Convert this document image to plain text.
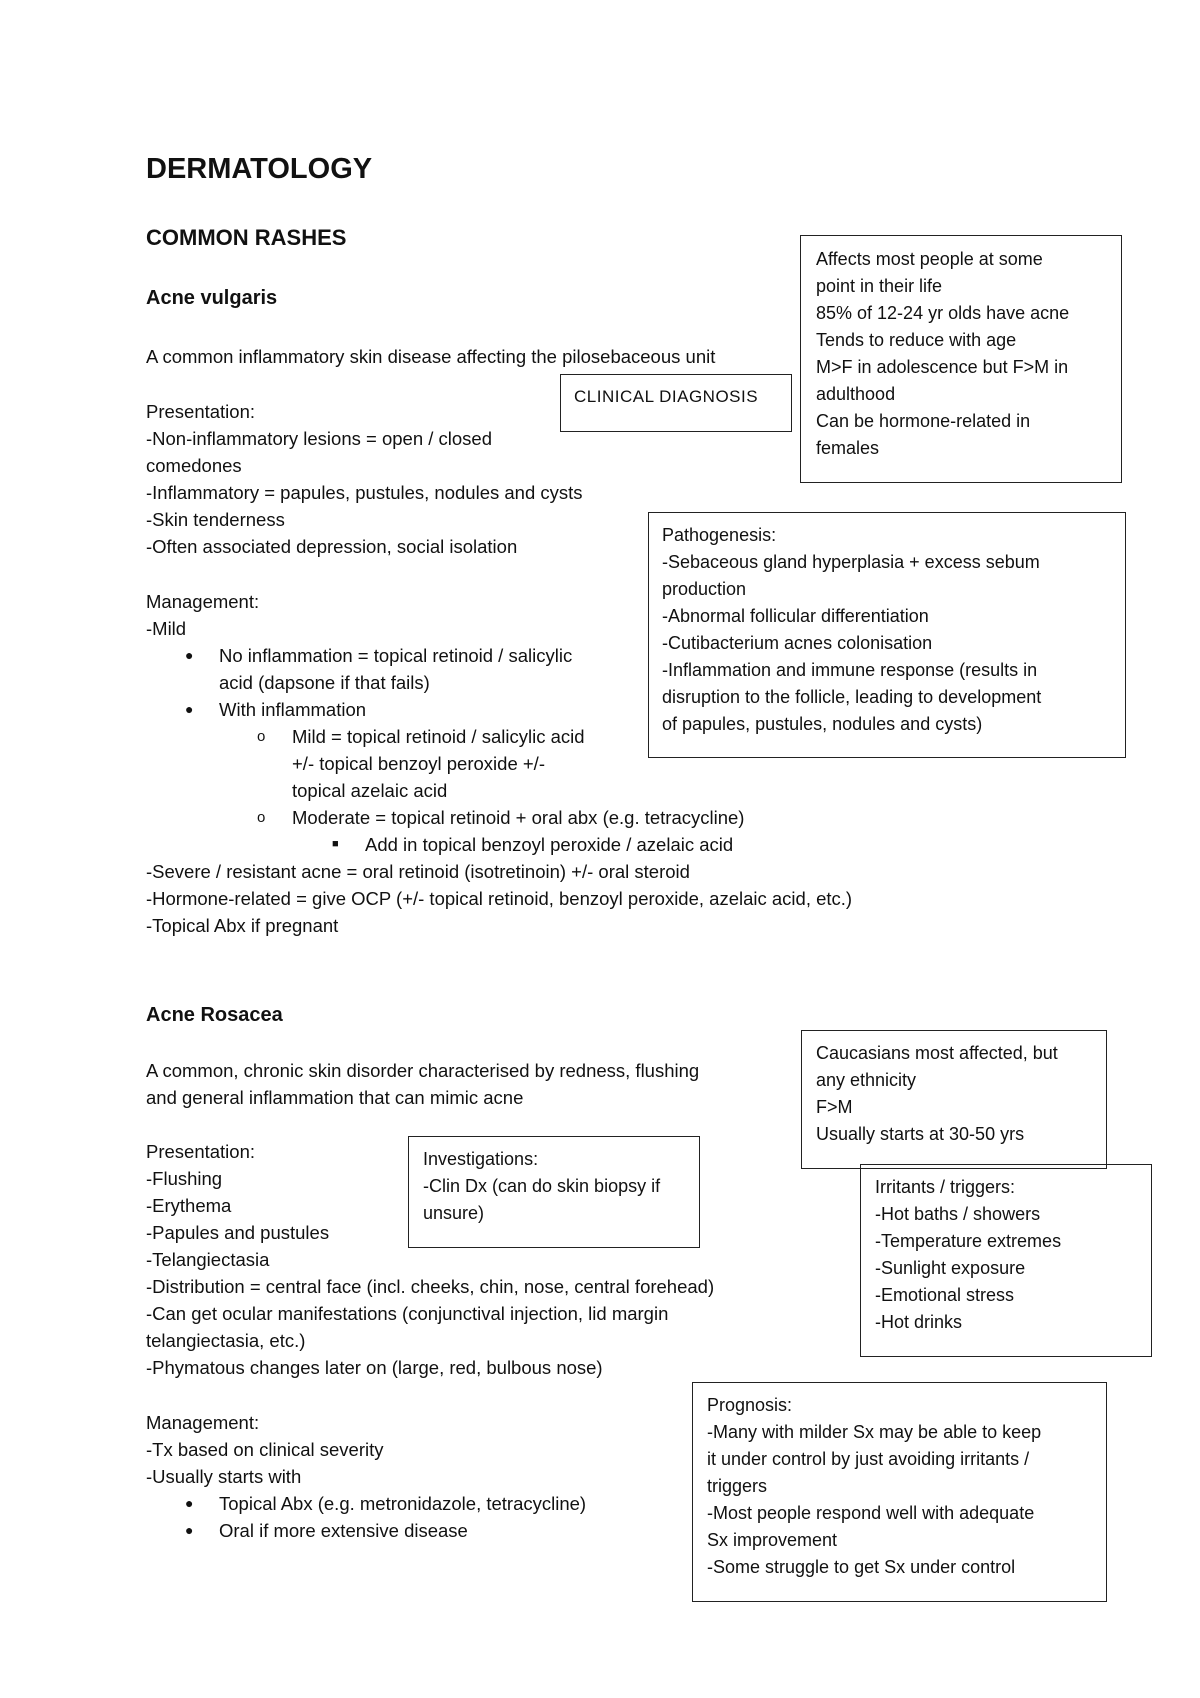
DERMATOLOGY
COMMON RASHES
Acne vulgaris
A common inflammatory skin disease affecting the pilosebaceous unit
Presentation:
-Non-inflammatory lesions = open / closed
comedones
-Inflammatory = papules, pustules, nodules and cysts
-Skin tenderness
-Often associated depression, social isolation
Management:
-Mild
● No inflammation = topical retinoid / salicylic
acid (dapsone if that fails)
● With inflammation
o Mild = topical retinoid / salicylic acid
+/- topical benzoyl peroxide +/-
topical azelaic acid
o Moderate = topical retinoid + oral abx (e.g. tetracycline)
■ Add in topical benzoyl peroxide / azelaic acid
-Severe / resistant acne = oral retinoid (isotretinoin) +/- oral steroid
-Hormone-related = give OCP (+/- topical retinoid, benzoyl peroxide, azelaic acid, etc.)
-Topical Abx if pregnant
CLINICAL DIAGNOSIS
Affects most people at some
point in their life
85% of 12-24 yr olds have acne
Tends to reduce with age
M>F in adolescence but F>M in
adulthood
Can be hormone-related in
females
Pathogenesis:
-Sebaceous gland hyperplasia + excess sebum
production
-Abnormal follicular differentiation
-Cutibacterium acnes colonisation
-Inflammation and immune response (results in
disruption to the follicle, leading to development
of papules, pustules, nodules and cysts)
Acne Rosacea
A common, chronic skin disorder characterised by redness, flushing
and general inflammation that can mimic acne
Presentation:
-Flushing
-Erythema
-Papules and pustules
-Telangiectasia
-Distribution = central face (incl. cheeks, chin, nose, central forehead)
-Can get ocular manifestations (conjunctival injection, lid margin
telangiectasia, etc.)
-Phymatous changes later on (large, red, bulbous nose)
Management:
-Tx based on clinical severity
-Usually starts with
● Topical Abx (e.g. metronidazole, tetracycline)
● Oral if more extensive disease
Investigations:
-Clin Dx (can do skin biopsy if
unsure)
Caucasians most affected, but
any ethnicity
F>M
Usually starts at 30-50 yrs
Irritants / triggers:
-Hot baths / showers
-Temperature extremes
-Sunlight exposure
-Emotional stress
-Hot drinks
Prognosis:
-Many with milder Sx may be able to keep
it under control by just avoiding irritants /
triggers
-Most people respond well with adequate
Sx improvement
-Some struggle to get Sx under control
